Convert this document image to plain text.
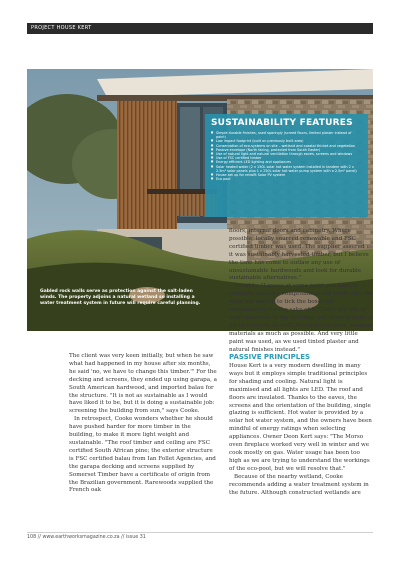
PROJECT HOUSE KERT
Gabled rock walls serve as protection against the salt-laden winds. The property adjoins a natural wetland so installing a water treatment system in future will require careful planning.
SUSTAINABILITY FEATURES
■ Simple durable finishes, used sparingly (screed floors, limited plaster instead of paint)
■ Low impact footprint (built on previously built area)
■ Conservation of eco-systems on site – wetland and coastal thicket and vegetation
■ Passive envelope (North facing, protected from South Easter)
■ Use of natural light and natural ventilation through eaves, screens and windows
■ Use of FSC certified timber
■ Energy efficient LED lighting and appliances
■ Solar heated water (2 x 150L solar hot water system installed in tandem with 2 x 2.5m² solar panels plus 1 x 250L solar hot water pump system with a 2.5m² panel)
■ House set up for retrofit Solar PV system
■ Eco pool

floors, internal doors and cabinetry. Where possible, locally sourced renewable and FSC certified timber was used. The supplier assured us it was sustainably harvested timber, but I believe the time has come to outlaw any use of unsustainable hardwoods and look for durable sustainable alternatives."

He adds: "I guess at some point you have to carefully consider compromises and trade-offs. We were not aiming to tick the boxes for sustainability for the sake of it. There are lots of local materials in the building, but there is quite a bit of concrete as well. We used raw toxic, natural materials as much as possible. And very little paint was used, as we used tinted plaster and natural finishes instead."

The client was very keen initially, but when he saw what had happened in my house after six months, he said 'no, we have to change this timber.'" For the decking and screens, they ended up using garapa, a South American hardwood, and imported balau for the structure. "It is not as sustainable as I would have liked it to be, but it is doing a sustainable job: screening the building from sun," says Cooke.

In retrospect, Cooke wonders whether he should have pushed harder for more timber in the building, to make it more light weight and sustainable. "The roof timber and ceiling are FSC certified South African pine; the exterior structure is FSC certified balau from Ian Follet Agencies, and the garapa decking and screens supplied by Somerset Timber have a certificate of origin from the Brazilian government. Rarewoods supplied the French oak

PASSIVE PRINCIPLES

House Kert is a very modern dwelling in many ways but it employs simple traditional principles for shading and cooling. Natural light is maximised and all lights are LED. The roof and floors are insulated. Thanks to the eaves, the screens and the orientation of the building, single glazing is sufficient. Hot water is provided by a solar hot water system, and the owners have been mindful of energy ratings when selecting appliances. Owner Deon Kert says: "The Morso oven fireplace worked very well in winter and we cook mostly on gas. Water usage has been too high as we are trying to understand the workings of the eco-pool, but we will resolve that."

Because of the nearby wetland, Cooke recommends adding a water treatment system in the future. Although constructed wetlands are

108 // www.earthworksmagazine.co.za // issue 31
